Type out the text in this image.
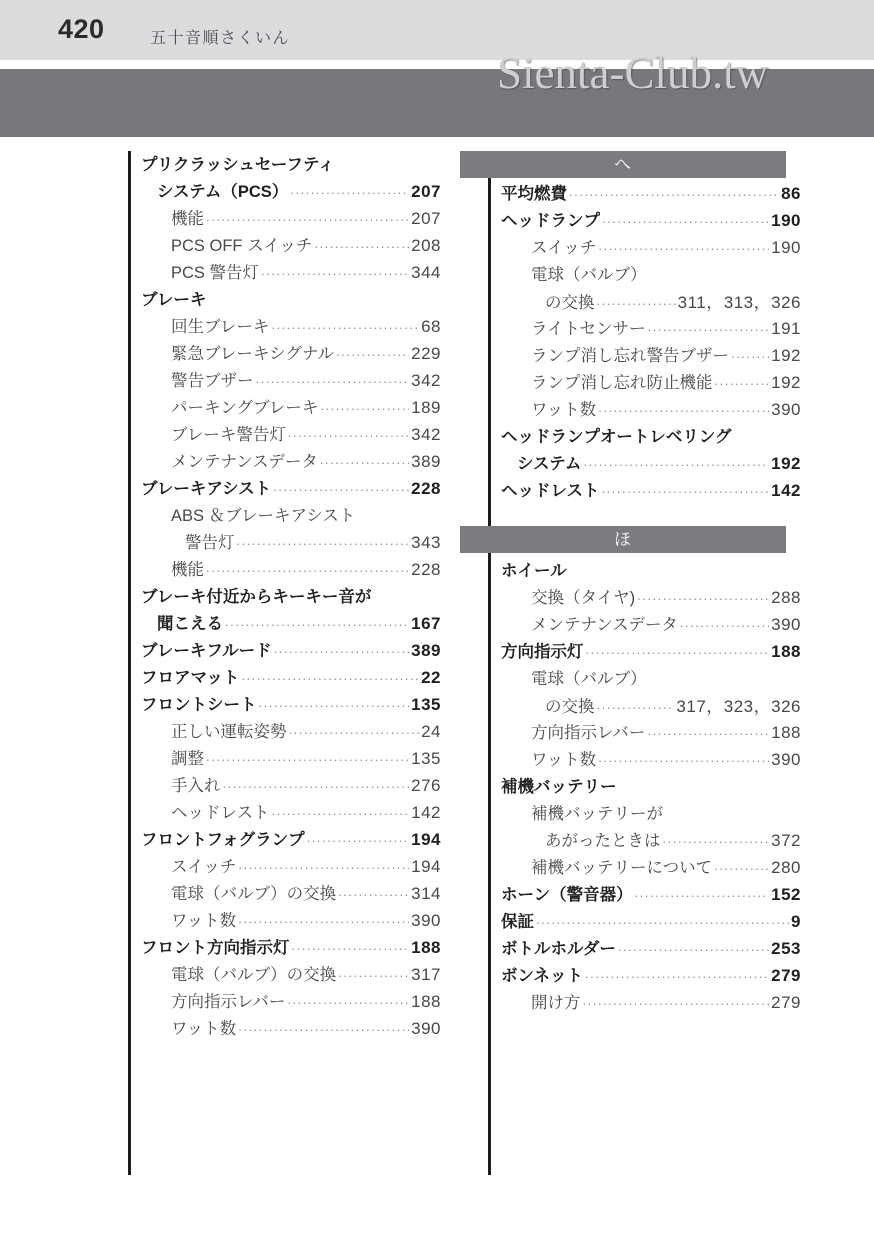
420	五十音順さくいん
Sienta-Club.tw
プリクラッシュセーフティ
システム（PCS） .....	207
機能 .....	207
PCS OFF スイッチ .....	208
PCS 警告灯 .....	344
ブレーキ
回生ブレーキ .....	68
緊急ブレーキシグナル .....	229
警告ブザー .....	342
パーキングブレーキ .....	189
ブレーキ警告灯 .....	342
メンテナンスデータ .....	389
ブレーキアシスト .....	228
ABS ＆ブレーキアシスト
警告灯 .....	343
機能 .....	228
ブレーキ付近からキーキー音が
聞こえる .....	167
ブレーキフルード .....	389
フロアマット .....	22
フロントシート .....	135
正しい運転姿勢 .....	24
調整 .....	135
手入れ .....	276
ヘッドレスト .....	142
フロントフォグランプ .....	194
スイッチ .....	194
電球（バルブ）の交換 .....	314
ワット数 .....	390
フロント方向指示灯 .....	188
電球（バルブ）の交換 .....	317
方向指示レバー .....	188
ワット数 .....	390
平均燃費 .....	86
ヘッドランプ .....	190
スイッチ .....	190
電球（バルブ）
の交換 .....	311，313，326
ライトセンサー .....	191
ランプ消し忘れ警告ブザー ..... 192
ランプ消し忘れ防止機能 .....	192
ワット数 .....	390
ヘッドランプオートレベリング
システム .....	192
ヘッドレスト .....	142
ホイール
交換（タイヤ) .....	288
メンテナンスデータ .....	390
方向指示灯 .....	188
電球（バルブ）
の交換 .....	317，323，326
方向指示レバー .....	188
ワット数 .....	390
補機バッテリー
補機バッテリーが
あがったときは .....	372
補機バッテリーについて .....	280
ホーン（警音器） .....	152
保証 .....	9
ボトルホルダー .....	253
ボンネット .....	279
開け方 .....	279
へ
ほ
